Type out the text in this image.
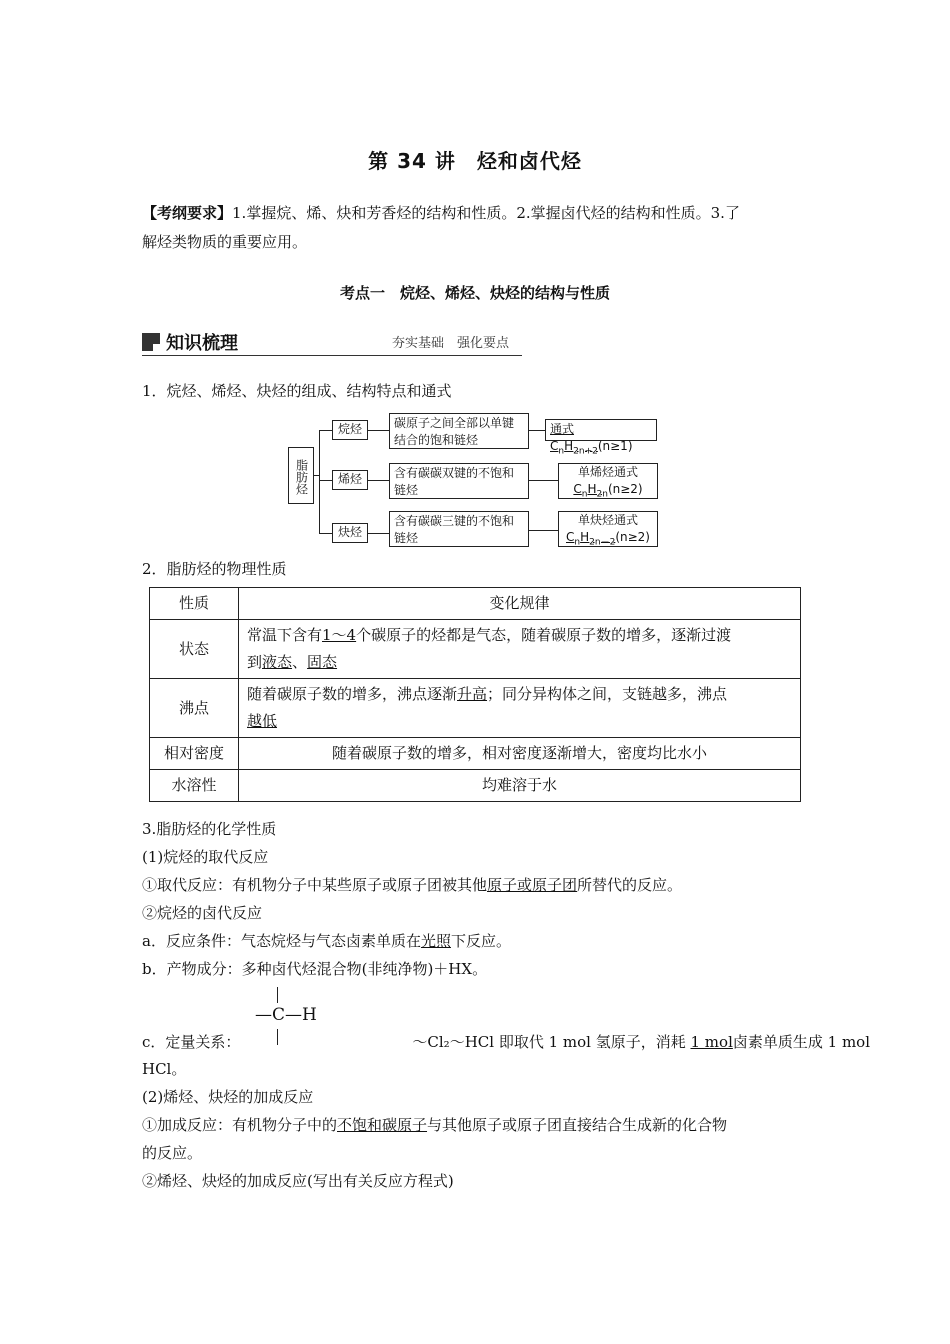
第 34 讲　烃和卤代烃
【考纲要求】1.掌握烷、烯、炔和芳香烃的结构和性质。2.掌握卤代烃的结构和性质。3.了
解烃类物质的重要应用。
考点一　烷烃、烯烃、炔烃的结构与性质
知识梳理	夯实基础　强化要点
1．烷烃、烯烃、炔烃的组成、结构特点和通式
脂肪烃
烷烃	碳原子之间全部以单键
结合的饱和链烃
通式$C_nH_{2n+2}(n\ge 1)$
烯烃	含有碳碳双键的不饱和
链烃
单烯烃通式
$C_nH_{2n}(n\ge 2)$
炔烃
含有碳碳三键的不饱和
链烃
单炔烃通式
$C_nH_{2n-2}(n\ge 2)$
2．脂肪烃的物理性质
性质	变化规律
状态	常温下含有1～4个碳原子的烃都是气态，随着碳原子数的增多，逐渐过渡
到液态、固态
沸点	随着碳原子数的增多，沸点逐渐升高；同分异构体之间，支链越多，沸点
越低
相对密度	随着碳原子数的增多，相对密度逐渐增大，密度均比水小
水溶性	均难溶于水
3.脂肪烃的化学性质
(1)烷烃的取代反应
①取代反应：有机物分子中某些原子或原子团被其他原子或原子团所替代的反应。
②烷烃的卤代反应
a．反应条件：气态烷烃与气态卤素单质在光照下反应。
b．产物成分：多种卤代烃混合物(非纯净物)＋HX。
—C—H
c．定量关系：	～Cl₂～HCl 即取代 1 mol 氢原子，消耗 1 mol卤素单质生成 1 mol
HCl。
(2)烯烃、炔烃的加成反应
①加成反应：有机物分子中的不饱和碳原子与其他原子或原子团直接结合生成新的化合物
的反应。
②烯烃、炔烃的加成反应(写出有关反应方程式)
